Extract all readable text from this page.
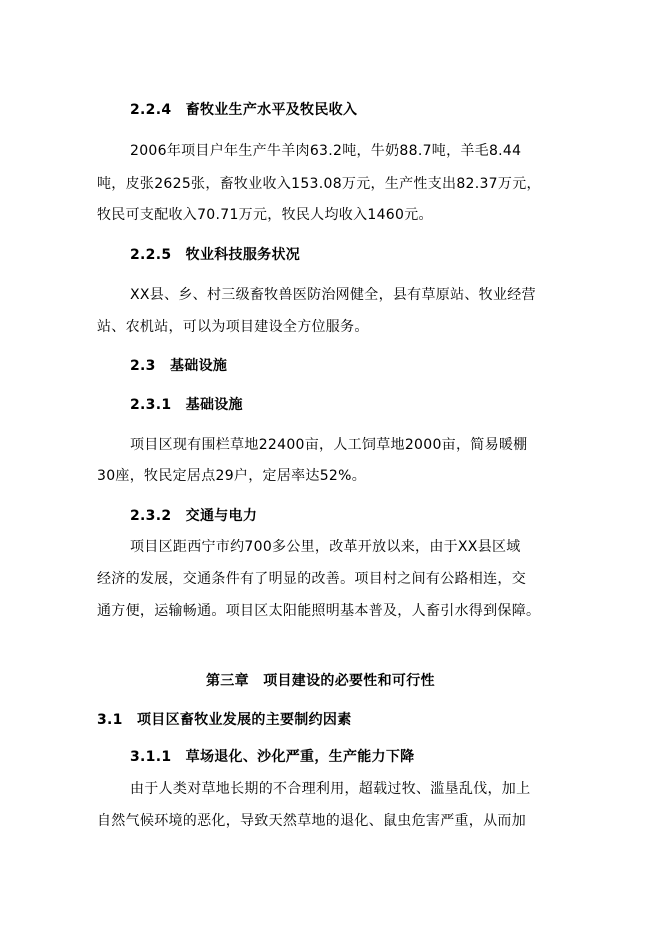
2.2.4　畜牧业生产水平及牧民收入
2006年项目户年生产牛羊肉63.2吨，牛奶88.7吨，羊毛8.44
吨，皮张2625张，畜牧业收入153.08万元，生产性支出82.37万元，
牧民可支配收入70.71万元，牧民人均收入1460元。
2.2.5　牧业科技服务状况
XX县、乡、村三级畜牧兽医防治网健全，县有草原站、牧业经营
站、农机站，可以为项目建设全方位服务。
2.3　基础设施
2.3.1　基础设施
项目区现有围栏草地22400亩，人工饲草地2000亩，简易暖棚
30座，牧民定居点29户，定居率达52%。
2.3.2　交通与电力
项目区距西宁市约700多公里，改革开放以来，由于XX县区域
经济的发展，交通条件有了明显的改善。项目村之间有公路相连，交
通方便，运输畅通。项目区太阳能照明基本普及，人畜引水得到保障。
第三章　项目建设的必要性和可行性
3.1　项目区畜牧业发展的主要制约因素
3.1.1　草场退化、沙化严重，生产能力下降
由于人类对草地长期的不合理利用，超载过牧、滥垦乱伐，加上
自然气候环境的恶化，导致天然草地的退化、鼠虫危害严重，从而加
